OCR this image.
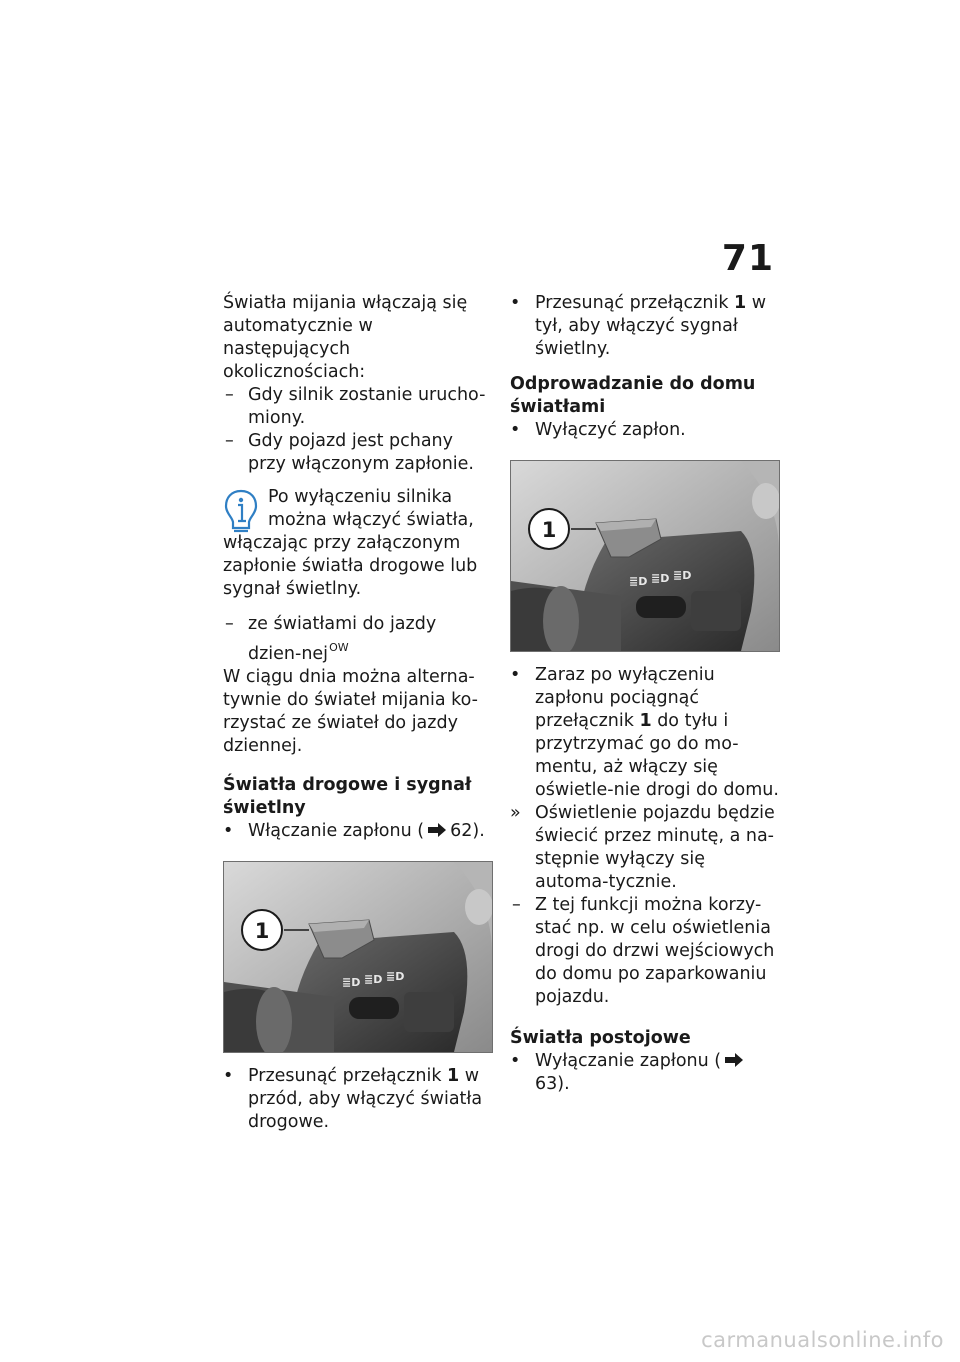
71

Światła mijania włączają się automatycznie w następujących okolicznościach:

– Gdy silnik zostanie urucho-miony.
– Gdy pojazd jest pchany przy włączonym zapłonie.

Po wyłączeniu silnika

można włączyć światła,

włączając przy załączonym zapłonie światła drogowe lub sygnał świetlny.

– ze światłami do jazdy dzien-nej$^{OW}$

W ciągu dnia można alterna-tywnie do świateł mijania ko-rzystać ze świateł do jazdy dziennej.

Światła drogowe i sygnał świetlny

• Włączanie zapłonu ( 62).
≣D ≣D ≣D
1
• Przesunąć przełącznik 1 w przód, aby włączyć światła drogowe.
• Przesunąć przełącznik 1 w tył, aby włączyć sygnał świetlny.

Odprowadzanie do domu światłami

• Wyłączyć zapłon.
≣D ≣D ≣D
1
• Zaraz po wyłączeniu zapłonu pociągnąć przełącznik 1 do tyłu i przytrzymać go do mo-mentu, aż włączy się oświetle-nie drogi do domu.
» Oświetlenie pojazdu będzie świecić przez minutę, a na-stępnie wyłączy się automa-tycznie.
– Z tej funkcji można korzy-stać np. w celu oświetlenia drogi do drzwi wejściowych do domu po zaparkowaniu pojazdu.

Światła postojowe

• Wyłączanie zapłonu (63).
carmanualsonline.info
